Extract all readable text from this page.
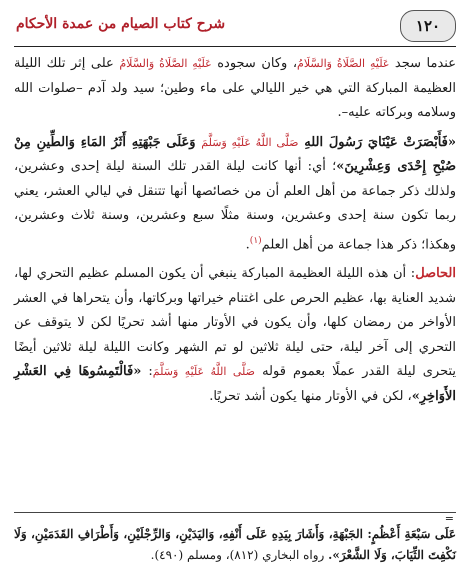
١٢٠
شرح كتاب الصيام من عمدة الأحكام

عندما سجد عَلَيْهِ الصَّلَاةُ وَالسَّلَامُ، وكان سجوده عَلَيْهِ الصَّلَاةُ وَالسَّلَامُ على إثر تلك الليلة العظيمة المباركة التي هي خير الليالي على ماء وطين؛ سيد ولد آدم –صلوات الله وسلامه وبركاته عليه–.

«فَأَبْصَرَتْ عَيْنَايَ رَسُولَ اللهِ صَلَّى اللَّهُ عَلَيْهِ وَسَلَّمَ وَعَلَى جَبْهَتِهِ أَثَرُ المَاءِ وَالطِّينِ مِنْ صُبْحِ إِحْدَى وَعِشْرِينَ»؛ أي: أنها كانت ليلة القدر تلك السنة ليلة إحدى وعشرين، ولذلك ذكر جماعة من أهل العلم أن من خصائصها أنها تتنقل في ليالي العشر، يعني ربما تكون سنة إحدى وعشرين، وسنة مثلًا سبع وعشرين، وسنة ثلاث وعشرين، وهكذا؛ ذكر هذا جماعة من أهل العلم$^{(١)}$.

الحاصل: أن هذه الليلة العظيمة المباركة ينبغي أن يكون المسلم عظيم التحري لها، شديد العناية بها، عظيم الحرص على اغتنام خيراتها وبركاتها، وأن يتحراها في العشر الأواخر من رمضان كلها، وأن يكون في الأوتار منها أشد تحريًا لكن لا يتوقف عن التحري إلى آخر ليلة، حتى ليلة ثلاثين لو تم الشهر وكانت الليلة ليلة ثلاثين أيضًا يتحرى ليلة القدر عملًا بعموم قوله صَلَّى اللَّهُ عَلَيْهِ وَسَلَّمَ: «فَالْتَمِسُوهَا فِي العَشْرِ الأَوَاخِرِ»، لكن في الأوتار منها يكون أشد تحريًا.

=
عَلَى سَبْعَةِ أَعْظُمٍ: الجَبْهَةِ، وَأَشَارَ بِيَدِهِ عَلَى أَنْفِهِ، وَاليَدَيْنِ، وَالرِّجْلَيْنِ، وَأَطْرَافِ القَدَمَيْنِ، وَلَا نَكْفِتَ الثِّيَابَ، وَلَا الشَّعْرَ». رواه البخاري (٨١٢)، ومسلم (٤٩٠).
